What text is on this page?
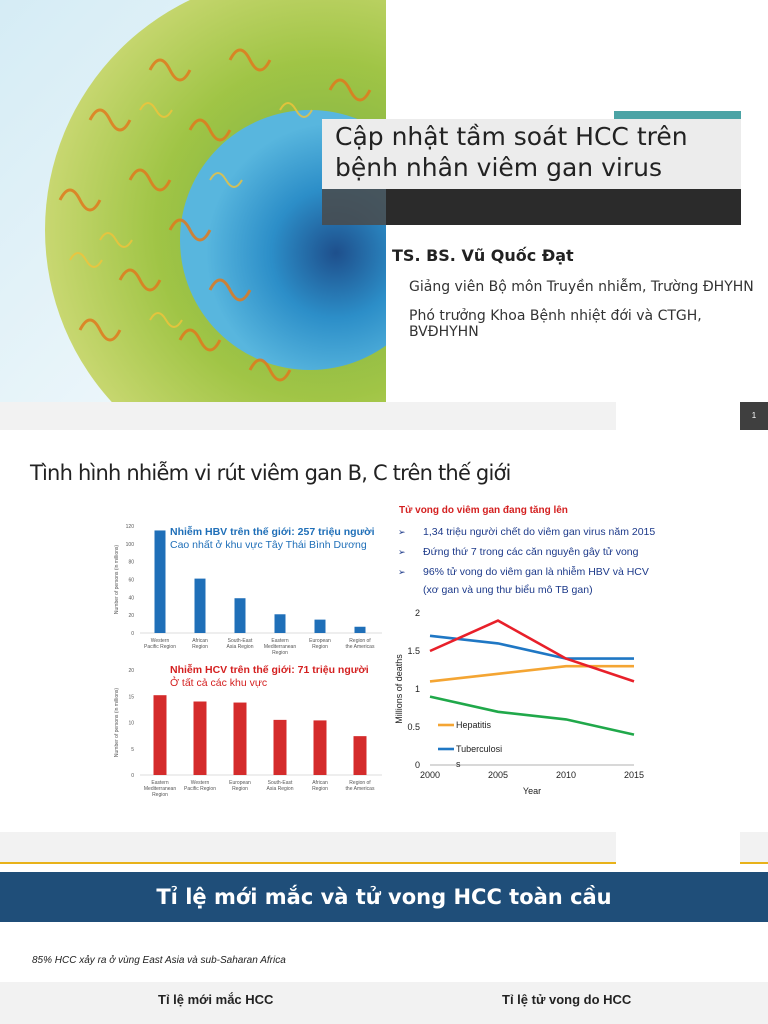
Cập nhật tầm soát HCC trên
bệnh nhân viêm gan virus
TS. BS. Vũ Quốc Đạt
Giảng viên Bộ môn Truyền nhiễm, Trường ĐHYHN
Phó trưởng Khoa Bệnh nhiệt đới và CTGH, BVĐHYHN
1
Tình hình nhiễm vi rút viêm gan B, C trên thế giới
0
20
40
60
80
100
120
Number of persons (in millions)
Western
Pacific Region
African
Region
South-East
Asia Region
Eastern
Mediterranean
Region
European
Region
Region of
the Americas
Nhiễm HBV trên thế giới: 257 triệu người
Cao nhất ở khu vực Tây Thái Bình Dương
0
5
10
15
20
Number of persons (in millions)
Eastern
Mediterranean
Region
Western
Pacific Region
European
Region
South-East
Asia Region
African
Region
Region of
the Americas
Nhiễm HCV trên thế giới: 71 triệu người
Ở tất cả các khu vực
Tử vong do viêm gan đang tăng lên
➢ 1,34 triệu người chết do viêm gan virus năm 2015
➢ Đứng thứ 7 trong các căn nguyên gây tử vong
➢ 96% tử vong do viêm gan là nhiễm HBV và HCV
(xơ gan và ung thư biểu mô TB gan)
0
0.5
1
1.5
2
Millions of deaths
2000	2005	2010	2015
Year
Hepatitis
Tuberculosi
s
Tỉ lệ mới mắc và tử vong HCC toàn cầu
85% HCC xảy ra ở vùng East Asia và sub-Saharan Africa
Tỉ lệ mới mắc HCC	Tỉ lệ tử vong do HCC
